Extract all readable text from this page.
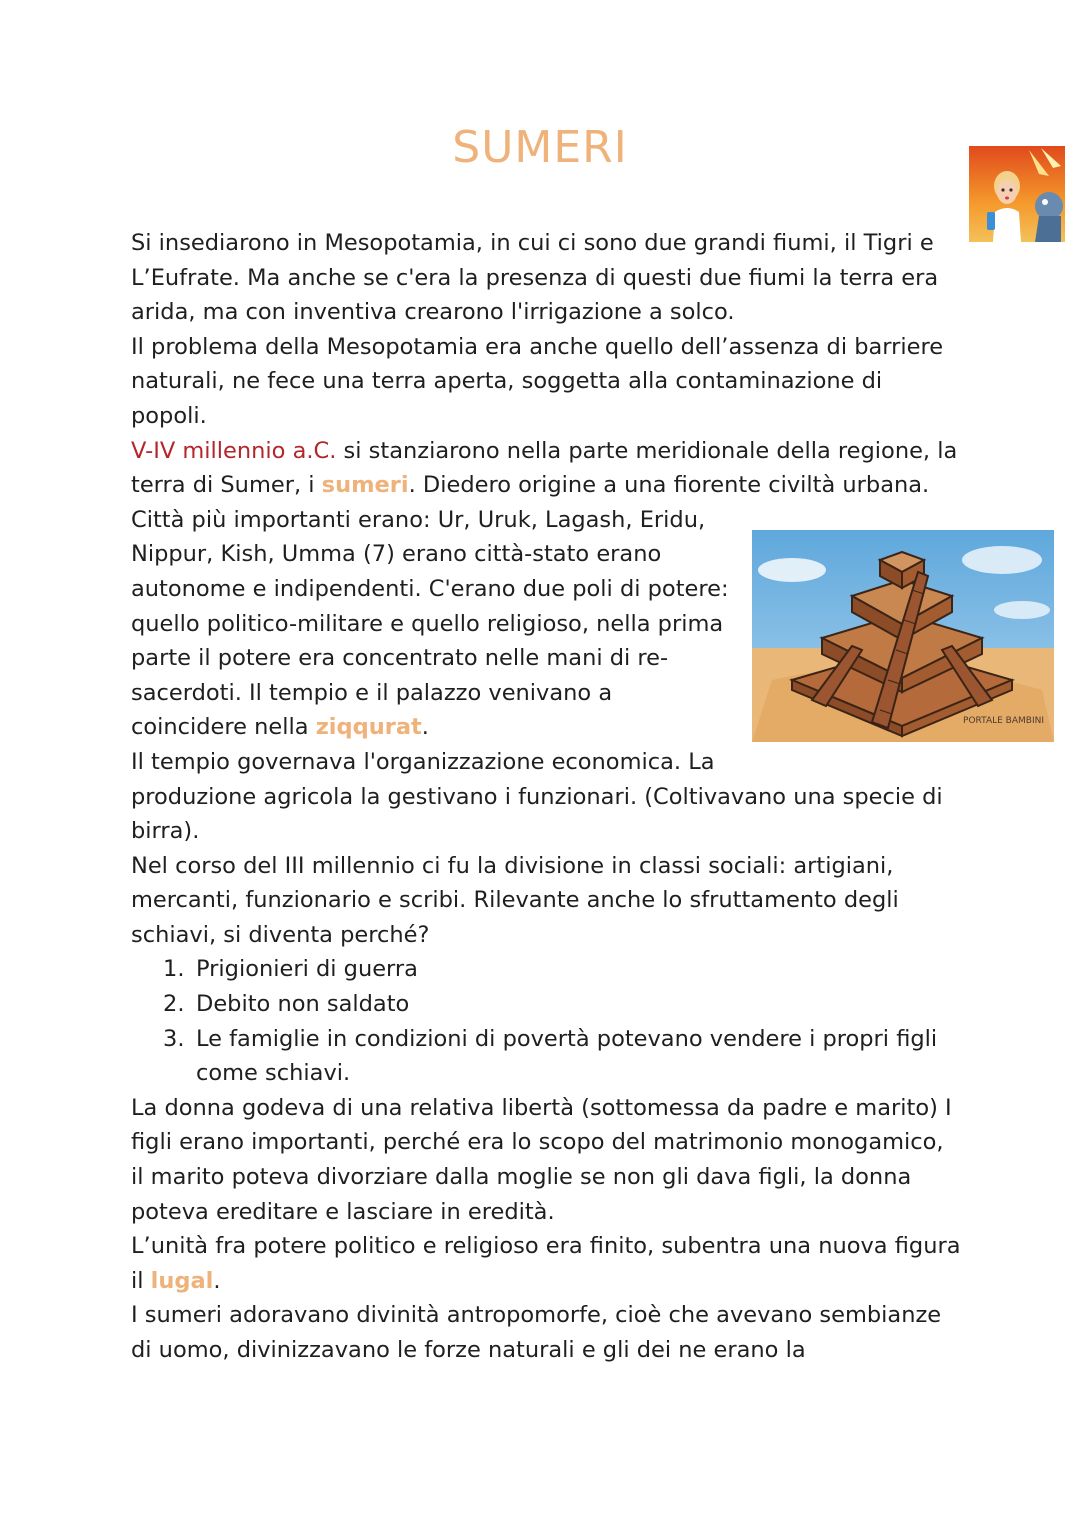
SUMERI

Si insediarono in Mesopotamia, in cui ci sono due grandi fiumi, il Tigri e L’Eufrate. Ma anche se c'era la presenza di questi due fiumi la terra era arida, ma con inventiva crearono l'irrigazione a solco.

Il problema della Mesopotamia era anche quello dell’assenza di barriere naturali, ne fece una terra aperta, soggetta alla contaminazione di popoli.

V-IV millennio a.C. si stanziarono nella parte meridionale della regione, la terra di Sumer, i sumeri. Diedero origine a una fiorente civiltà urbana.

PORTALE BAMBINI

Città più importanti erano: Ur, Uruk, Lagash, Eridu, Nippur, Kish, Umma (7) erano città-stato erano autonome e indipendenti. C'erano due poli di potere: quello politico-militare e quello religioso, nella prima parte il potere era concentrato nelle mani di re-sacerdoti. Il tempio e il palazzo venivano a coincidere nella ziqqurat.

Il tempio governava l'organizzazione economica. La produzione agricola la gestivano i funzionari. (Coltivavano una specie di birra).

Nel corso del III millennio ci fu la divisione in classi sociali: artigiani, mercanti, funzionario e scribi. Rilevante anche lo sfruttamento degli schiavi, si diventa perché?

1. Prigionieri di guerra
2. Debito non saldato
3. Le famiglie in condizioni di povertà potevano vendere i propri figli come schiavi.

La donna godeva di una relativa libertà (sottomessa da padre e marito) I figli erano importanti, perché era lo scopo del matrimonio monogamico, il marito poteva divorziare dalla moglie se non gli dava figli, la donna poteva ereditare e lasciare in eredità.

L’unità fra potere politico e religioso era finito, subentra una nuova figura il lugal.

I sumeri adoravano divinità antropomorfe, cioè che avevano sembianze di uomo, divinizzavano le forze naturali e gli dei ne erano la
